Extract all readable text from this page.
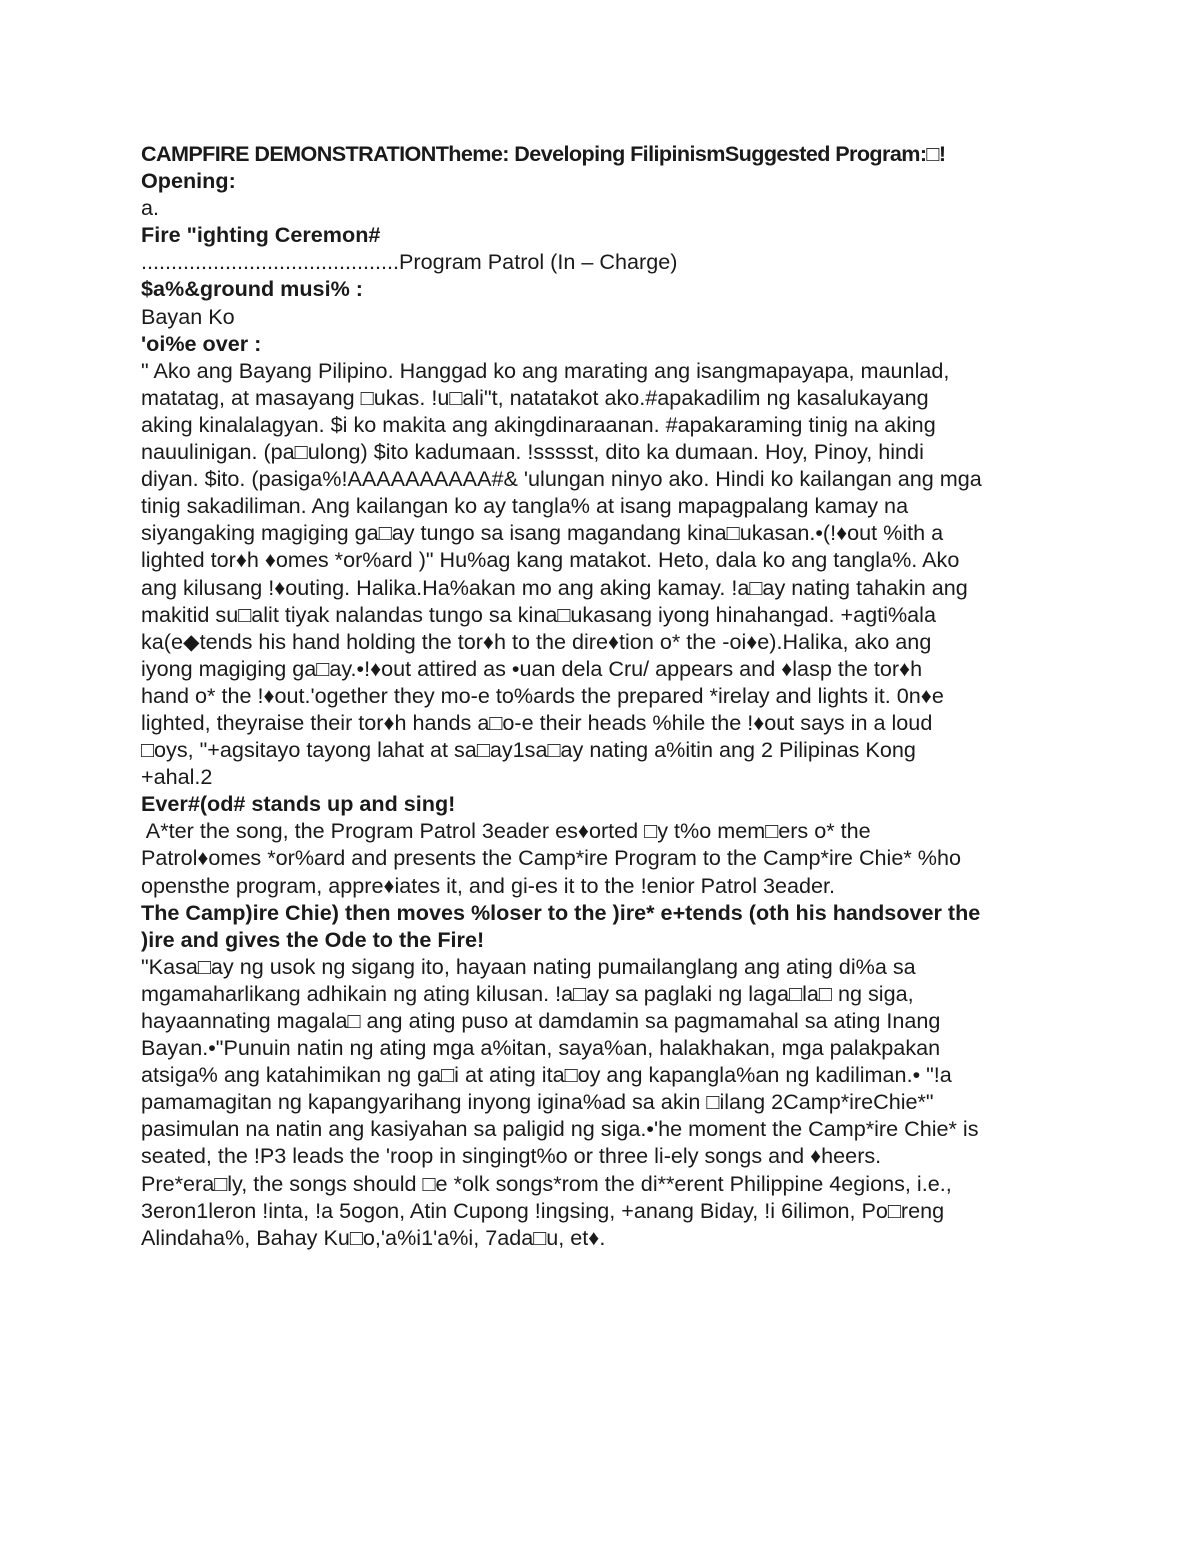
CAMPFIRE DEMONSTRATIONTheme: Developing FilipinismSuggested Program:□!
Opening:
a.
Fire "ighting Ceremon#
...........................................Program Patrol (In – Charge)
$a%&ground musi% :
Bayan Ko
'oi%e over :
" Ako ang Bayang Pilipino. Hanggad ko ang marating ang isangmapayapa, maunlad,
matatag, at masayang □ukas. !u□ali"t, natatakot ako.#apakadilim ng kasalukayang
aking kinalalagyan. $i ko makita ang akingdinaraanan. #apakaraming tinig na aking
nauulinigan. (pa□ulong) $ito kadumaan. !ssssst, dito ka dumaan. Hoy, Pinoy, hindi
diyan. $ito. (pasiga%!AAAAAAAAAA#& 'ulungan ninyo ako. Hindi ko kailangan ang mga
tinig sakadiliman. Ang kailangan ko ay tangla% at isang mapagpalang kamay na
siyangaking magiging ga□ay tungo sa isang magandang kina□ukasan.•(!♦out %ith a
lighted tor♦h ♦omes *or%ard )" Hu%ag kang matakot. Heto, dala ko ang tangla%. Ako
ang kilusang !♦outing. Halika.Ha%akan mo ang aking kamay. !a□ay nating tahakin ang
makitid su□alit tiyak nalandas tungo sa kina□ukasang iyong hinahangad. +agti%ala
ka(e◆tends his hand holding the tor♦h to the dire♦tion o* the -oi♦e).Halika, ako ang
iyong magiging ga□ay.•!♦out attired as •uan dela Cru/ appears and ♦lasp the tor♦h
hand o* the !♦out.'ogether they mo-e to%ards the prepared *irelay and lights it. 0n♦e
lighted, theyraise their tor♦h hands a□o-e their heads %hile the !♦out says in a loud
□oys, "+agsitayo tayong lahat at sa□ay1sa□ay nating a%itin ang 2 Pilipinas Kong
+ahal.2
Ever#(od# stands up and sing!
A*ter the song, the Program Patrol 3eader es♦orted □y t%o mem□ers o* the
Patrol♦omes *or%ard and presents the Camp*ire Program to the Camp*ire Chie* %ho
opensthe program, appre♦iates it, and gi-es it to the !enior Patrol 3eader.
The Camp)ire Chie) then moves %loser to the )ire* e+tends (oth his handsover the
)ire and gives the Ode to the Fire!
"Kasa□ay ng usok ng sigang ito, hayaan nating pumailanglang ang ating di%a sa
mgamaharlikang adhikain ng ating kilusan. !a□ay sa paglaki ng laga□la□ ng siga,
hayaannating magala□ ang ating puso at damdamin sa pagmamahal sa ating Inang
Bayan.•"Punuin natin ng ating mga a%itan, saya%an, halakhakan, mga palakpakan
atsiga% ang katahimikan ng ga□i at ating ita□oy ang kapangla%an ng kadiliman.• "!a
pamamagitan ng kapangyarihang inyong igina%ad sa akin □ilang 2Camp*ireChie*"
pasimulan na natin ang kasiyahan sa paligid ng siga.•'he moment the Camp*ire Chie* is
seated, the !P3 leads the 'roop in singingt%o or three li-ely songs and ♦heers.
Pre*era□ly, the songs should □e *olk songs*rom the di**erent Philippine 4egions, i.e.,
3eron1leron !inta, !a 5ogon, Atin Cupong !ingsing, +anang Biday, !i 6ilimon, Po□reng
Alindaha%, Bahay Ku□o,'a%i1'a%i, 7ada□u, et♦.
